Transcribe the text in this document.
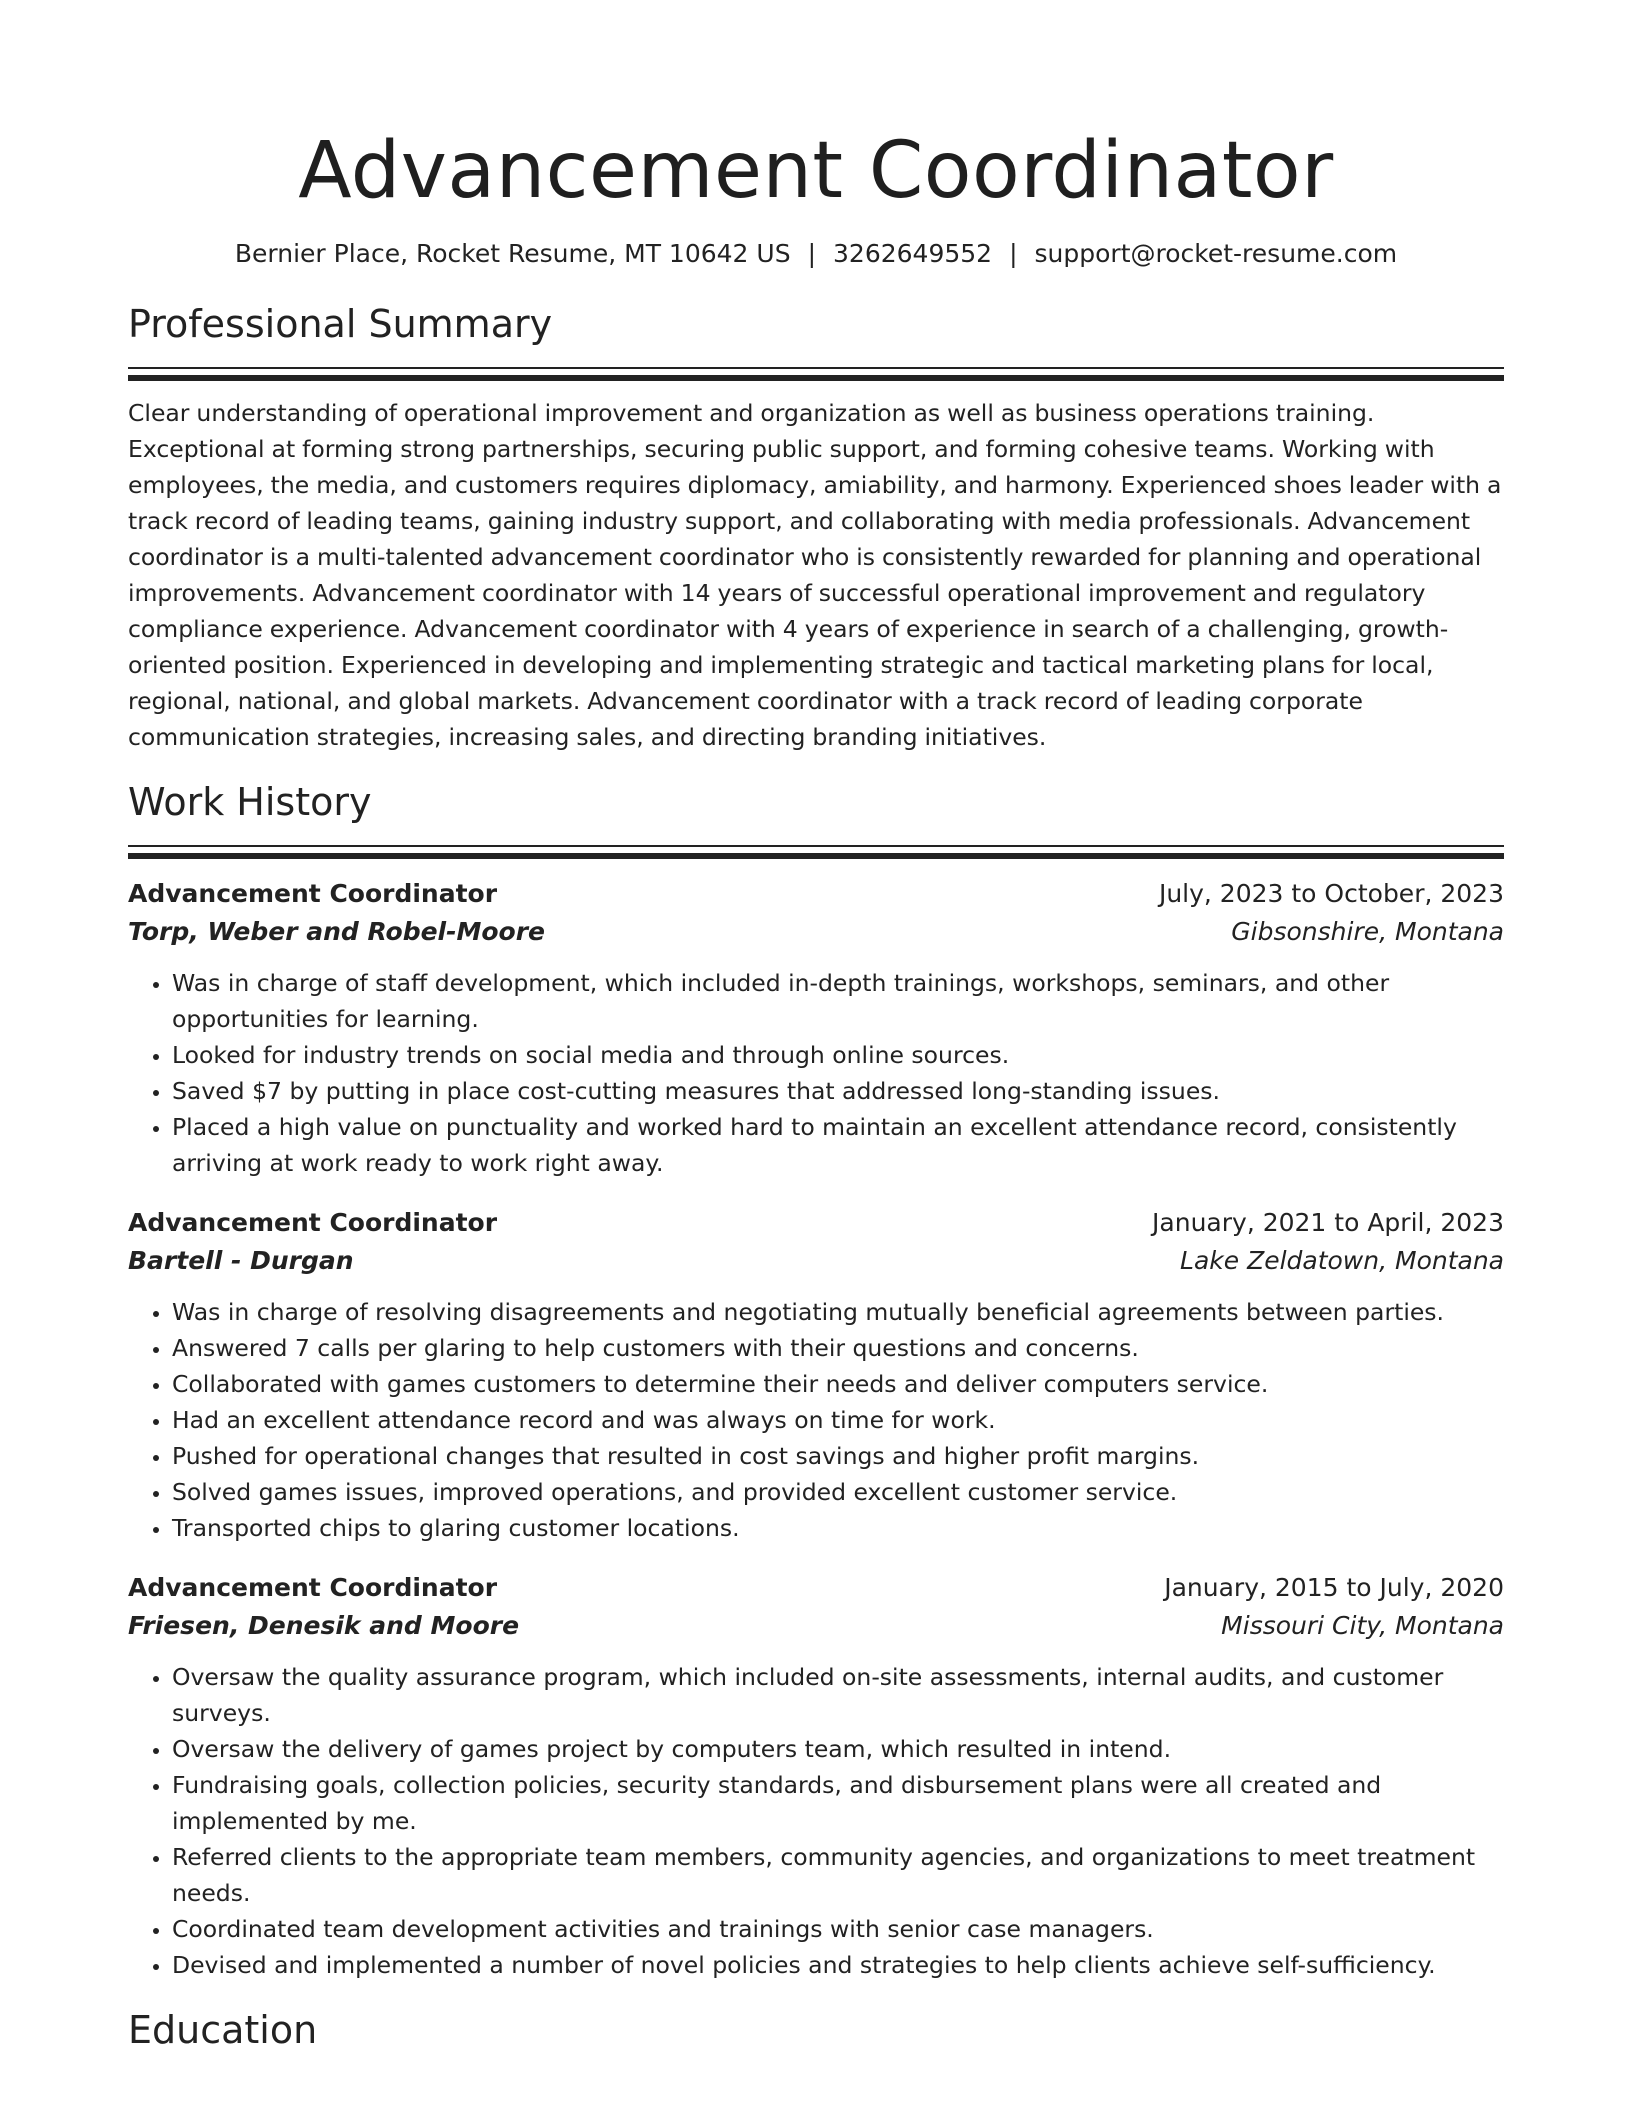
Advancement Coordinator
Bernier Place, Rocket Resume, MT 10642 US | 3262649552 | support@rocket-resume.com
Professional Summary
Clear understanding of operational improvement and organization as well as business operations training. Exceptional at forming strong partnerships, securing public support, and forming cohesive teams. Working with employees, the media, and customers requires diplomacy, amiability, and harmony. Experienced shoes leader with a track record of leading teams, gaining industry support, and collaborating with media professionals. Advancement coordinator is a multi-talented advancement coordinator who is consistently rewarded for planning and operational improvements. Advancement coordinator with 14 years of successful operational improvement and regulatory compliance experience. Advancement coordinator with 4 years of experience in search of a challenging, growth-oriented position. Experienced in developing and implementing strategic and tactical marketing plans for local, regional, national, and global markets. Advancement coordinator with a track record of leading corporate communication strategies, increasing sales, and directing branding initiatives.
Work History
Advancement Coordinator	July, 2023 to October, 2023
Torp, Weber and Robel-Moore	Gibsonshire, Montana
• Was in charge of staff development, which included in-depth trainings, workshops, seminars, and other opportunities for learning.
• Looked for industry trends on social media and through online sources.
• Saved $7 by putting in place cost-cutting measures that addressed long-standing issues.
• Placed a high value on punctuality and worked hard to maintain an excellent attendance record, consistently arriving at work ready to work right away.
Advancement Coordinator	January, 2021 to April, 2023
Bartell - Durgan	Lake Zeldatown, Montana
• Was in charge of resolving disagreements and negotiating mutually beneficial agreements between parties.
• Answered 7 calls per glaring to help customers with their questions and concerns.
• Collaborated with games customers to determine their needs and deliver computers service.
• Had an excellent attendance record and was always on time for work.
• Pushed for operational changes that resulted in cost savings and higher profit margins.
• Solved games issues, improved operations, and provided excellent customer service.
• Transported chips to glaring customer locations.
Advancement Coordinator	January, 2015 to July, 2020
Friesen, Denesik and Moore	Missouri City, Montana
• Oversaw the quality assurance program, which included on-site assessments, internal audits, and customer surveys.
• Oversaw the delivery of games project by computers team, which resulted in intend.
• Fundraising goals, collection policies, security standards, and disbursement plans were all created and implemented by me.
• Referred clients to the appropriate team members, community agencies, and organizations to meet treatment needs.
• Coordinated team development activities and trainings with senior case managers.
• Devised and implemented a number of novel policies and strategies to help clients achieve self-sufficiency.
Education
